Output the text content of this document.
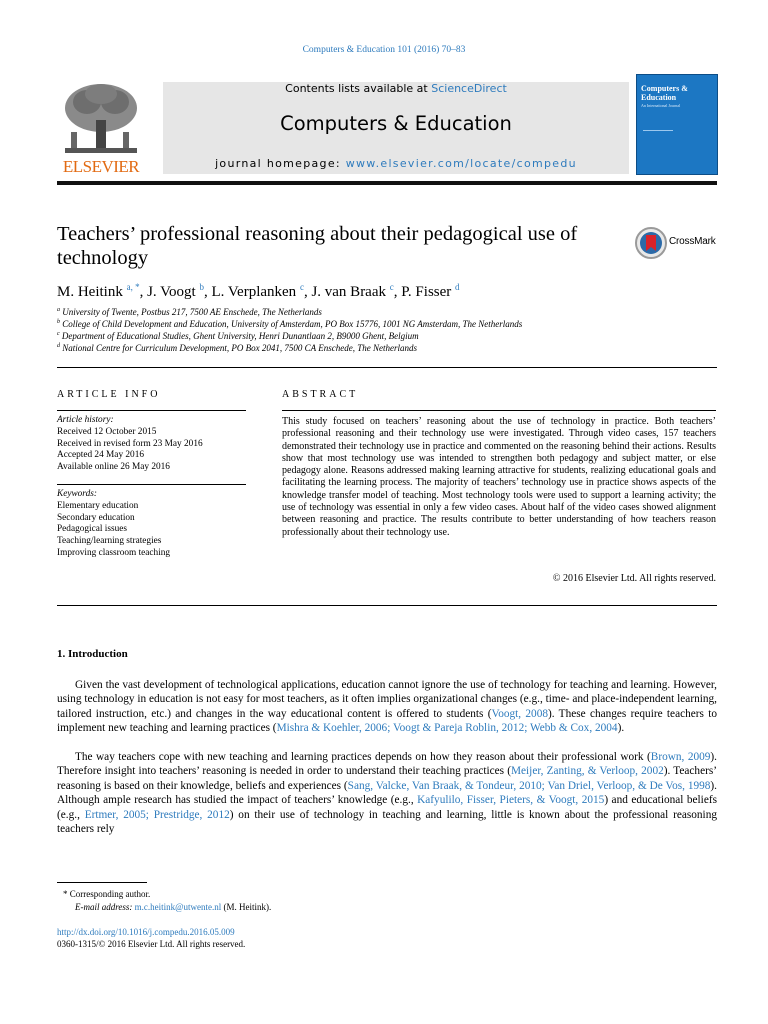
Computers & Education 101 (2016) 70–83
ELSEVIER
Contents lists available at ScienceDirect
Computers & Education
journal homepage: www.elsevier.com/locate/compedu
Computers & Education
An International Journal
Teachers’ professional reasoning about their pedagogical use of technology
CrossMark
M. Heitink $^{a, *}$, J. Voogt $^b$, L. Verplanken $^c$, J. van Braak $^c$, P. Fisser $^d$
$^a$ University of Twente, Postbus 217, 7500 AE Enschede, The Netherlands
$^b$ College of Child Development and Education, University of Amsterdam, PO Box 15776, 1001 NG Amsterdam, The Netherlands
$^c$ Department of Educational Studies, Ghent University, Henri Dunantlaan 2, B9000 Ghent, Belgium
$^d$ National Centre for Curriculum Development, PO Box 2041, 7500 CA Enschede, The Netherlands
ARTICLE INFO
Article history:
Received 12 October 2015
Received in revised form 23 May 2016
Accepted 24 May 2016
Available online 26 May 2016
Keywords:
Elementary education
Secondary education
Pedagogical issues
Teaching/learning strategies
Improving classroom teaching
ABSTRACT
This study focused on teachers’ reasoning about the use of technology in practice. Both teachers’ professional reasoning and their technology use were investigated. Through video cases, 157 teachers demonstrated their technology use in practice and commented on the reasoning behind their actions. Results show that most technology use was intended to strengthen both pedagogy and subject matter, or else pedagogy alone. Reasons addressed making learning attractive for students, realizing educational goals and facilitating the learning process. The majority of teachers’ technology use in practice shows aspects of the knowledge transfer model of teaching. Most technology tools were used to support a learning activity; the use of technology was essential in only a few video cases. About half of the video cases showed alignment between reasoning and practice. The results contribute to better understanding of how teachers reason professionally about their technology use.
© 2016 Elsevier Ltd. All rights reserved.
1. Introduction
Given the vast development of technological applications, education cannot ignore the use of technology for teaching and learning. However, using technology in education is not easy for most teachers, as it often implies organizational changes (e.g., time- and place-independent learning, tailored instruction, etc.) and changes in the way educational content is offered to students (Voogt, 2008). These changes require teachers to implement new teaching and learning practices (Mishra & Koehler, 2006; Voogt & Pareja Roblin, 2012; Webb & Cox, 2004).
The way teachers cope with new teaching and learning practices depends on how they reason about their professional work (Brown, 2009). Therefore insight into teachers’ reasoning is needed in order to understand their teaching practices (Meijer, Zanting, & Verloop, 2002). Teachers’ reasoning is based on their knowledge, beliefs and experiences (Sang, Valcke, Van Braak, & Tondeur, 2010; Van Driel, Verloop, & De Vos, 1998). Although ample research has studied the impact of teachers’ knowledge (e.g., Kafyulilo, Fisser, Pieters, & Voogt, 2015) and educational beliefs (e.g., Ertmer, 2005; Prestridge, 2012) on their use of technology in teaching and learning, little is known about the professional reasoning teachers rely
* Corresponding author.
E-mail address: m.c.heitink@utwente.nl (M. Heitink).
http://dx.doi.org/10.1016/j.compedu.2016.05.009
0360-1315/© 2016 Elsevier Ltd. All rights reserved.
